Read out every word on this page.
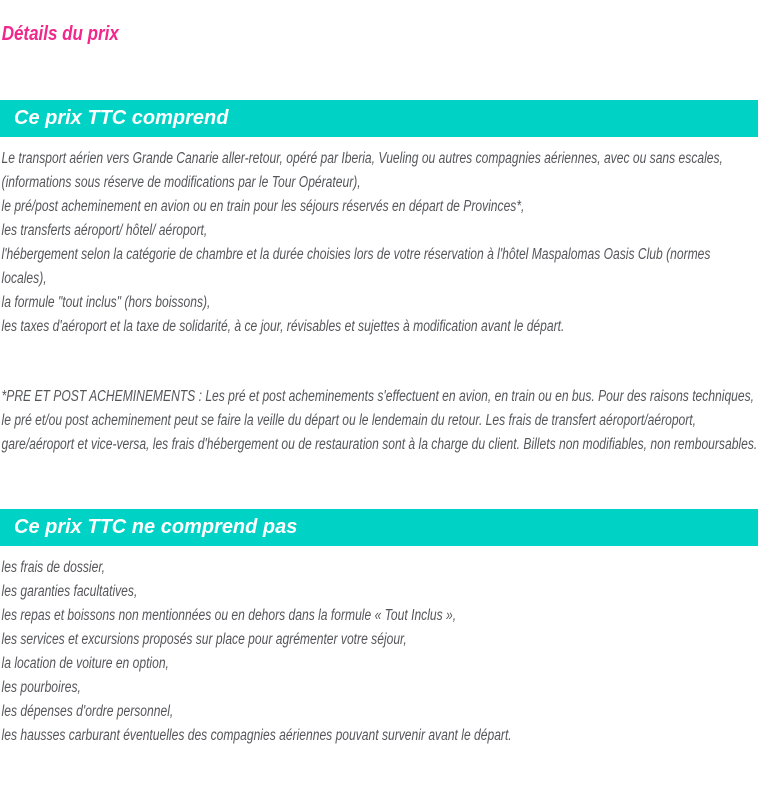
Détails du prix
Ce prix TTC comprend

Le transport aérien vers Grande Canarie aller-retour, opéré par Iberia, Vueling ou autres compagnies aériennes, avec ou sans escales, (informations sous réserve de modifications par le Tour Opérateur),

le pré/post acheminement en avion ou en train pour les séjours réservés en départ de Provinces*,

les transferts aéroport/ hôtel/ aéroport,

l'hébergement selon la catégorie de chambre et la durée choisies lors de votre réservation à l'hôtel Maspalomas Oasis Club (normes locales),

la formule "tout inclus" (hors boissons),

les taxes d'aéroport et la taxe de solidarité, à ce jour, révisables et sujettes à modification avant le départ.

*PRE ET POST ACHEMINEMENTS : Les pré et post acheminements s'effectuent en avion, en train ou en bus. Pour des raisons techniques, le pré et/ou post acheminement peut se faire la veille du départ ou le lendemain du retour. Les frais de transfert aéroport/aéroport, gare/aéroport et vice-versa, les frais d'hébergement ou de restauration sont à la charge du client. Billets non modifiables, non remboursables.

Ce prix TTC ne comprend pas

les frais de dossier,

les garanties facultatives,

les repas et boissons non mentionnées ou en dehors dans la formule « Tout Inclus »,

les services et excursions proposés sur place pour agrémenter votre séjour,

la location de voiture en option,

les pourboires,

les dépenses d'ordre personnel,

les hausses carburant éventuelles des compagnies aériennes pouvant survenir avant le départ.
